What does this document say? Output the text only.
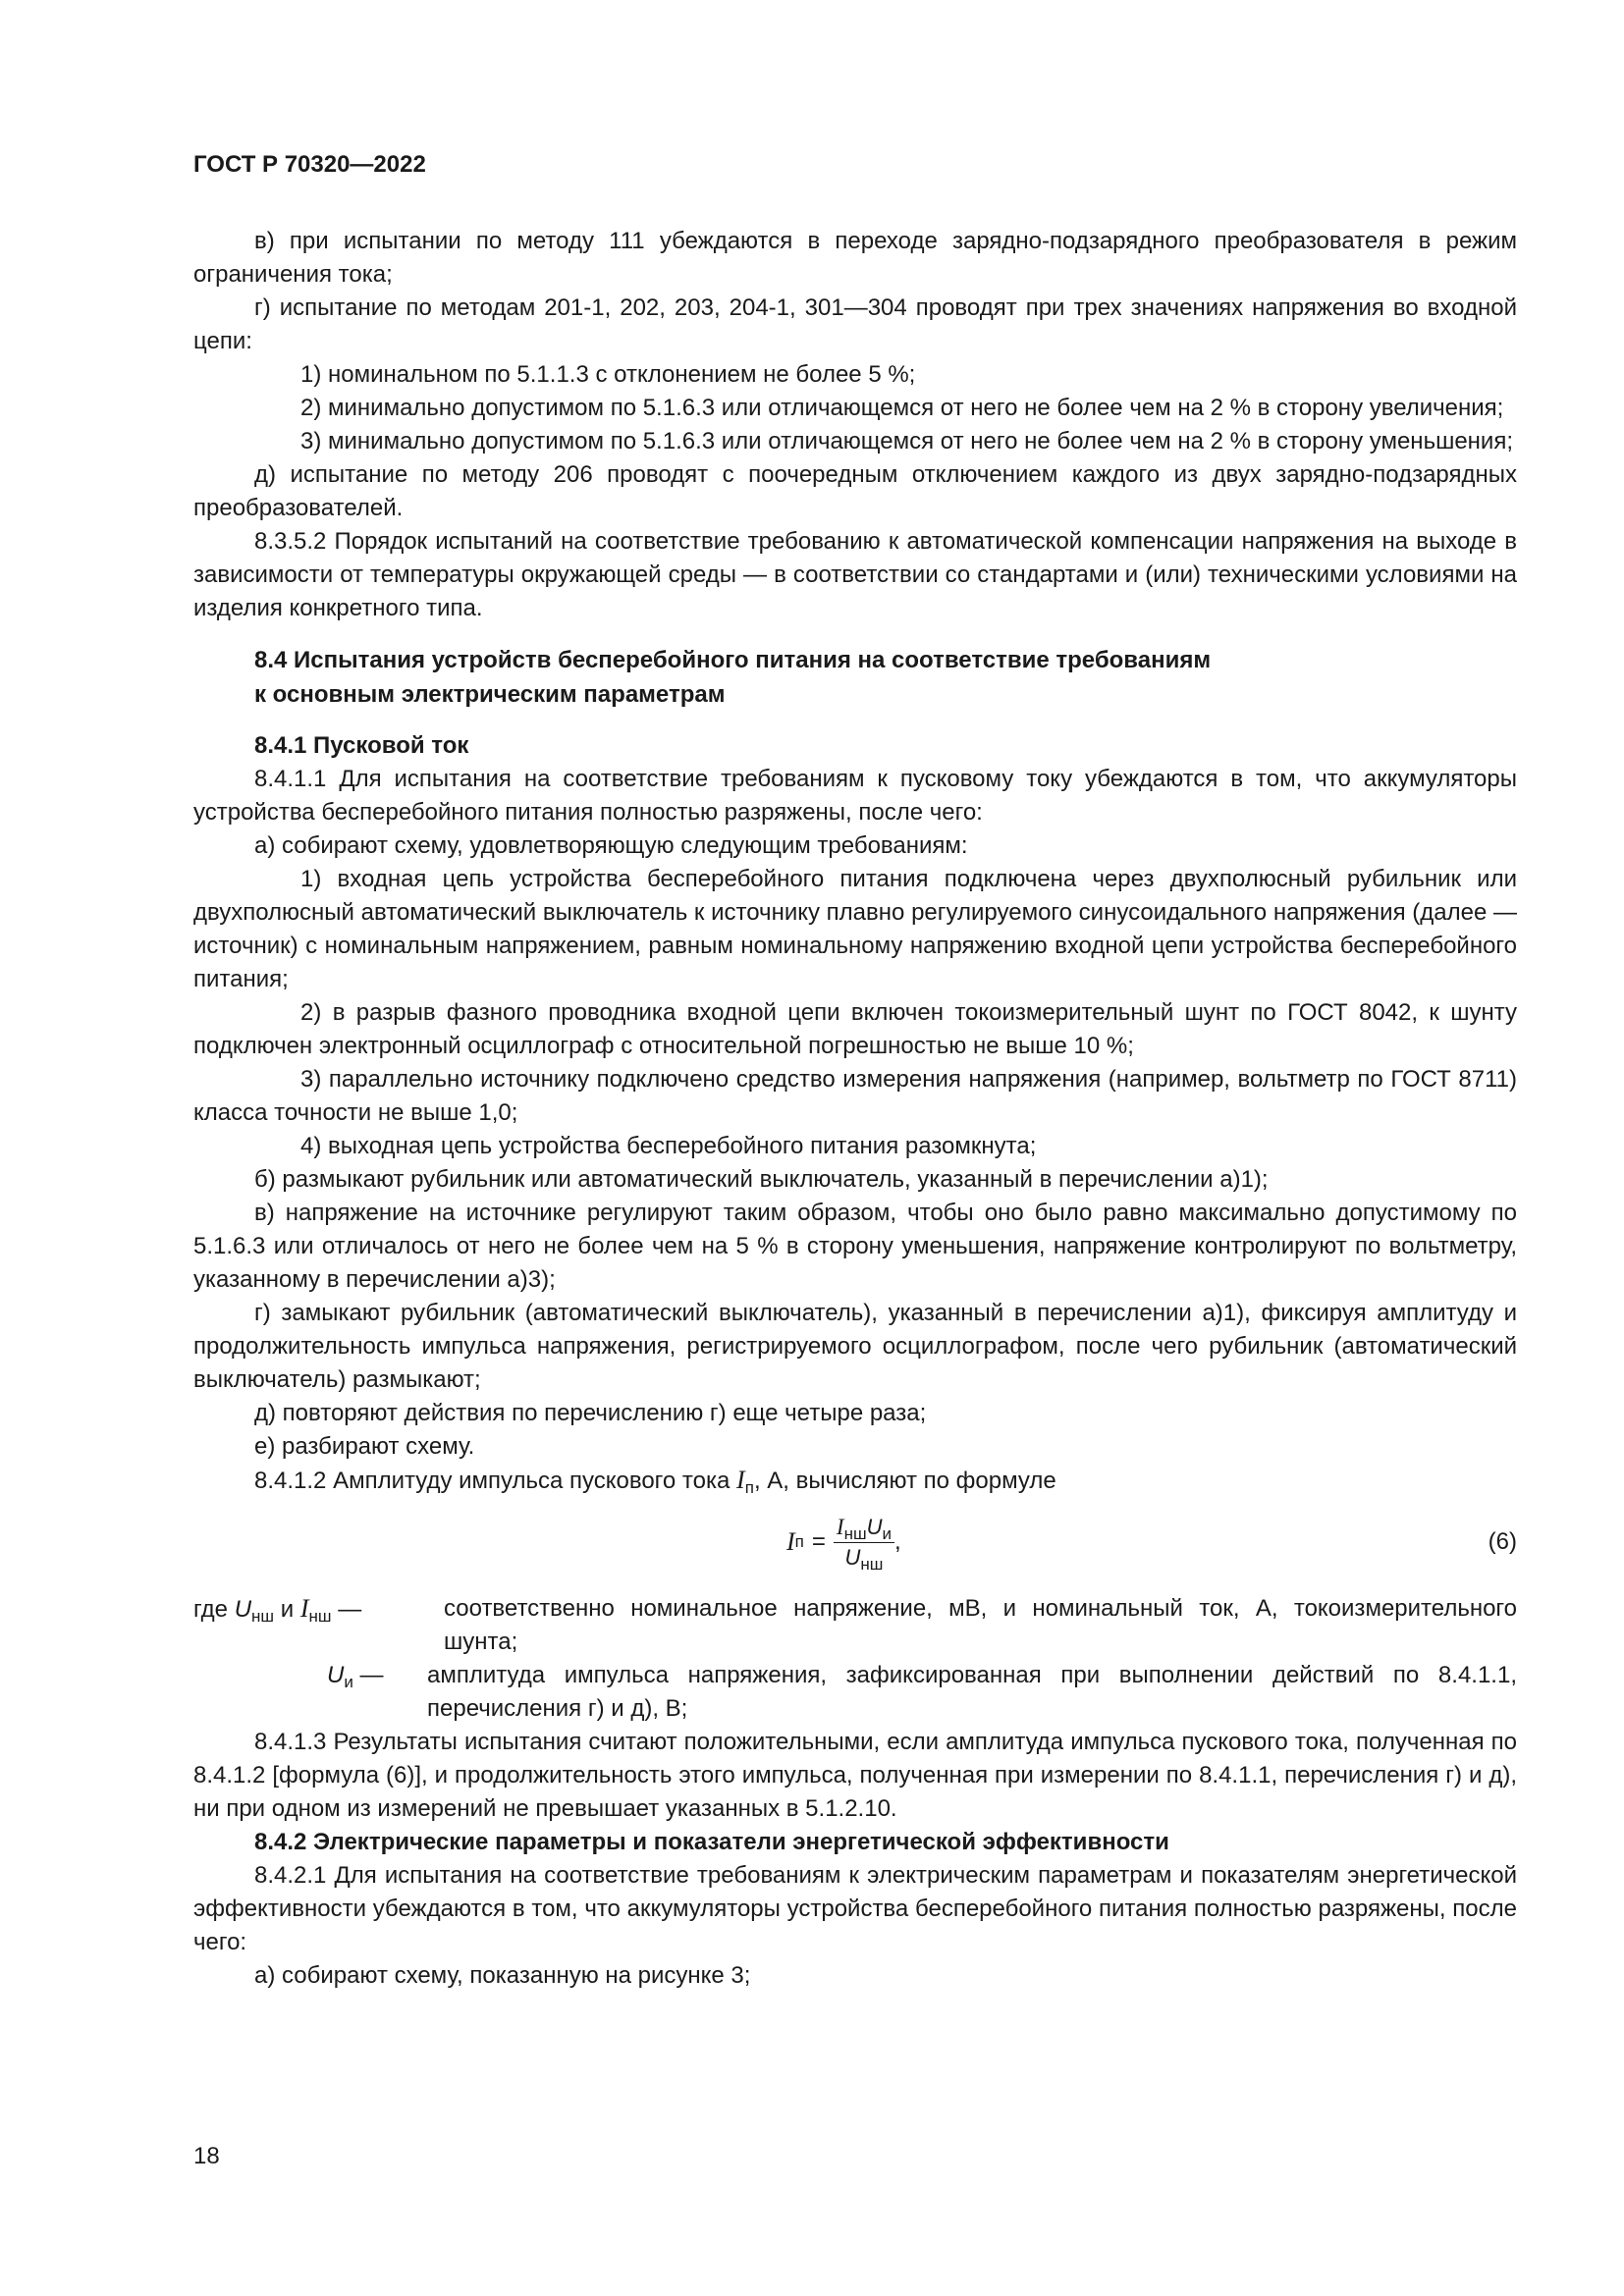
ГОСТ Р 70320—2022

в) при испытании по методу 111 убеждаются в переходе зарядно-подзарядного преобразователя в режим ограничения тока;

г) испытание по методам 201-1, 202, 203, 204-1, 301—304 проводят при трех значениях напряжения во входной цепи:

1) номинальном по 5.1.1.3 с отклонением не более 5 %;

2) минимально допустимом по 5.1.6.3 или отличающемся от него не более чем на 2 % в сторону увеличения;

3) минимально допустимом по 5.1.6.3 или отличающемся от него не более чем на 2 % в сторону уменьшения;

д) испытание по методу 206 проводят с поочередным отключением каждого из двух зарядно-подзарядных преобразователей.

8.3.5.2 Порядок испытаний на соответствие требованию к автоматической компенсации напряжения на выходе в зависимости от температуры окружающей среды — в соответствии со стандартами и (или) техническими условиями на изделия конкретного типа.

8.4 Испытания устройств бесперебойного питания на соответствие требованиям
к основным электрическим параметрам

8.4.1 Пусковой ток

8.4.1.1 Для испытания на соответствие требованиям к пусковому току убеждаются в том, что аккумуляторы устройства бесперебойного питания полностью разряжены, после чего:

а) собирают схему, удовлетворяющую следующим требованиям:

1) входная цепь устройства бесперебойного питания подключена через двухполюсный рубильник или двухполюсный автоматический выключатель к источнику плавно регулируемого синусоидального напряжения (далее — источник) с номинальным напряжением, равным номинальному напряжению входной цепи устройства бесперебойного питания;

2) в разрыв фазного проводника входной цепи включен токоизмерительный шунт по ГОСТ 8042, к шунту подключен электронный осциллограф с относительной погрешностью не выше 10 %;

3) параллельно источнику подключено средство измерения напряжения (например, вольтметр по ГОСТ 8711) класса точности не выше 1,0;

4) выходная цепь устройства бесперебойного питания разомкнута;

б) размыкают рубильник или автоматический выключатель, указанный в перечислении а)1);

в) напряжение на источнике регулируют таким образом, чтобы оно было равно максимально допустимому по 5.1.6.3 или отличалось от него не более чем на 5 % в сторону уменьшения, напряжение контролируют по вольтметру, указанному в перечислении а)3);

г) замыкают рубильник (автоматический выключатель), указанный в перечислении а)1), фиксируя амплитуду и продолжительность импульса напряжения, регистрируемого осциллографом, после чего рубильник (автоматический выключатель) размыкают;

д) повторяют действия по перечислению г) еще четыре раза;

е) разбирают схему.

8.4.1.2 Амплитуду импульса пускового тока $I_п$, А, вычисляют по формуле

I $п = \frac{I_{нш}U_и}{U_{нш}}$ ,	(6)
где $U_{нш}$ и $I_{нш}$ —	соответственно номинальное напряжение, мВ, и номинальный ток, А, токоизмерительного шунта;
$U_и$ —	амплитуда импульса напряжения, зафиксированная при выполнении действий по 8.4.1.1, перечисления г) и д), В;

8.4.1.3 Результаты испытания считают положительными, если амплитуда импульса пускового тока, полученная по 8.4.1.2 [формула (6)], и продолжительность этого импульса, полученная при измерении по 8.4.1.1, перечисления г) и д), ни при одном из измерений не превышает указанных в 5.1.2.10.

8.4.2 Электрические параметры и показатели энергетической эффективности

8.4.2.1 Для испытания на соответствие требованиям к электрическим параметрам и показателям энергетической эффективности убеждаются в том, что аккумуляторы устройства бесперебойного питания полностью разряжены, после чего:

а) собирают схему, показанную на рисунке 3;

18
